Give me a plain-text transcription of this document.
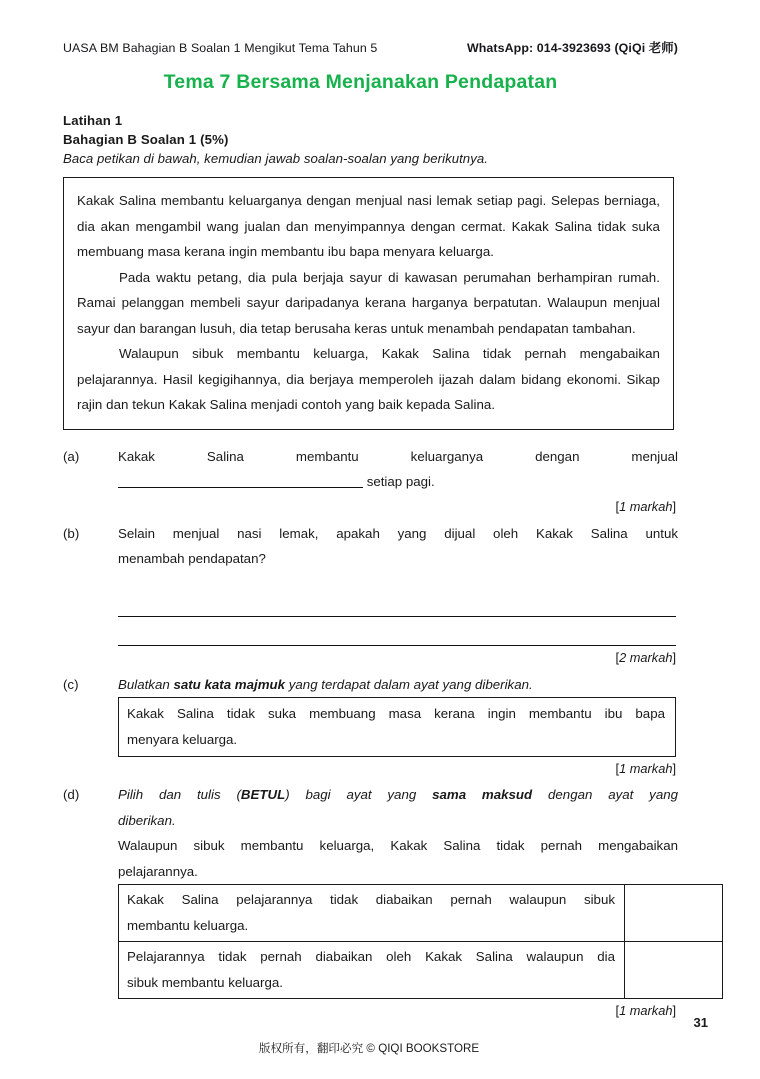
UASA BM Bahagian B Soalan 1 Mengikut Tema Tahun 5	WhatsApp: 014-3923693 (QiQi 老师)
Tema 7 Bersama Menjanakan Pendapatan
Latihan 1
Bahagian B Soalan 1 (5%)
Baca petikan di bawah, kemudian jawab soalan-soalan yang berikutnya.

Kakak Salina membantu keluarganya dengan menjual nasi lemak setiap pagi. Selepas berniaga, dia akan mengambil wang jualan dan menyimpannya dengan cermat. Kakak Salina tidak suka membuang masa kerana ingin membantu ibu bapa menyara keluarga.

Pada waktu petang, dia pula berjaja sayur di kawasan perumahan berhampiran rumah. Ramai pelanggan membeli sayur daripadanya kerana harganya berpatutan. Walaupun menjual sayur dan barangan lusuh, dia tetap berusaha keras untuk menambah pendapatan tambahan.

Walaupun sibuk membantu keluarga, Kakak Salina tidak pernah mengabaikan pelajarannya. Hasil kegigihannya, dia berjaya memperoleh ijazah dalam bidang ekonomi. Sikap rajin dan tekun Kakak Salina menjadi contoh yang baik kepada Salina.

(a)	Kakak Salina membantu keluarganya dengan menjual
setiap pagi.
[1 markah]
(b)	Selain menjual nasi lemak, apakah yang dijual oleh Kakak Salina untuk
menambah pendapatan?
[2 markah]
(c)	Bulatkan satu kata majmuk yang terdapat dalam ayat yang diberikan.
Kakak Salina tidak suka membuang masa kerana ingin membantu ibu bapa
menyara keluarga.
[1 markah]
(d)	Pilih dan tulis (BETUL) bagi ayat yang sama maksud dengan ayat yang
diberikan.
Walaupun sibuk membantu keluarga, Kakak Salina tidak pernah mengabaikan
pelajarannya.
Kakak Salina pelajarannya tidak diabaikan pernah walaupun sibuk
membantu keluarga.	

Pelajarannya tidak pernah diabaikan oleh Kakak Salina walaupun dia
sibuk membantu keluarga.	

[1 markah]
31
版权所有，翻印必究 © QIQI BOOKSTORE
